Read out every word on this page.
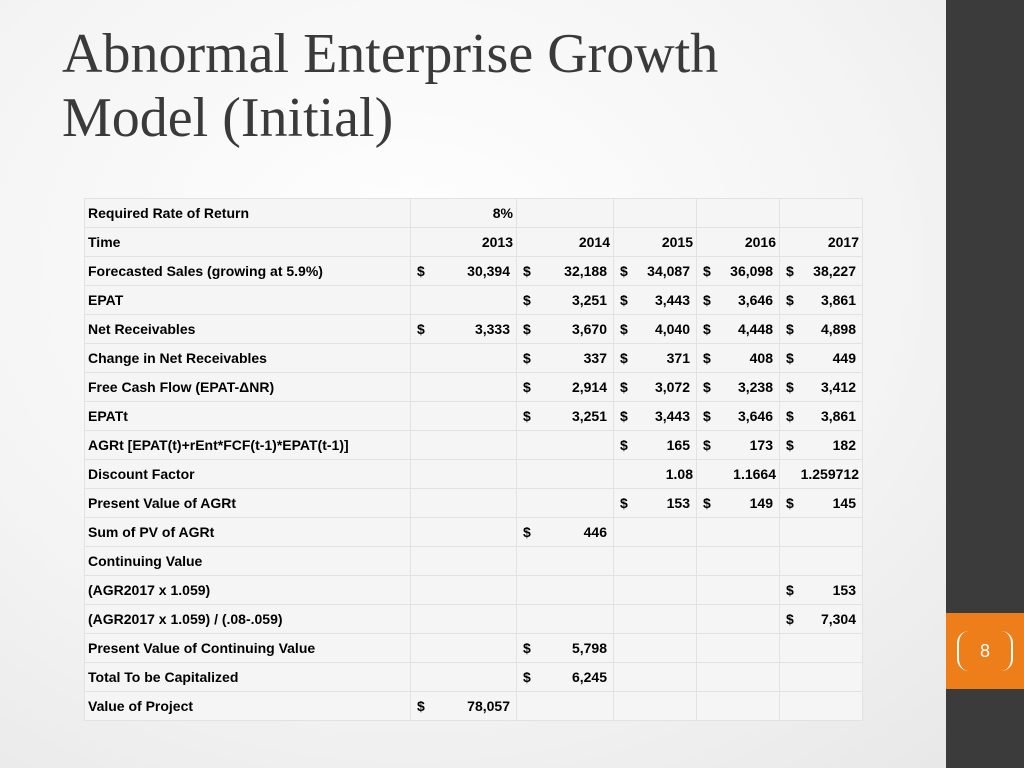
Abnormal Enterprise Growth
Model (Initial)
Required Rate of Return	8%				
Time	2013	2014	2015	2016	2017
Forecasted Sales (growing at 5.9%)	$ 30,394	$ 32,188	$ 34,087	$ 36,098	$ 38,227

EPAT		$ 3,251	$ 3,443	$ 3,646	$ 3,861

Net Receivables	$ 3,333	$ 3,670	$ 4,040	$ 4,448	$ 4,898

Change in Net Receivables		$ 337	$ 371	$ 408	$ 449

Free Cash Flow (EPAT-ΔNR)		$ 2,914	$ 3,072	$ 3,238	$ 3,412

EPATt		$ 3,251	$ 3,443	$ 3,646	$ 3,861

AGRt [EPAT(t)+rEnt*FCF(t-1)*EPAT(t-1)]			$ 165	$ 173	$ 182

Discount Factor			1.08	1.1664	1.259712
Present Value of AGRt			$ 153	$ 149	$ 145

Sum of PV of AGRt		$ 446			

Continuing Value					
(AGR2017 x 1.059)					$ 153

(AGR2017 x 1.059) / (.08-.059)					$ 7,304

Present Value of Continuing Value		$ 5,798			

Total To be Capitalized		$ 6,245			

Value of Project	$ 78,057				

8
